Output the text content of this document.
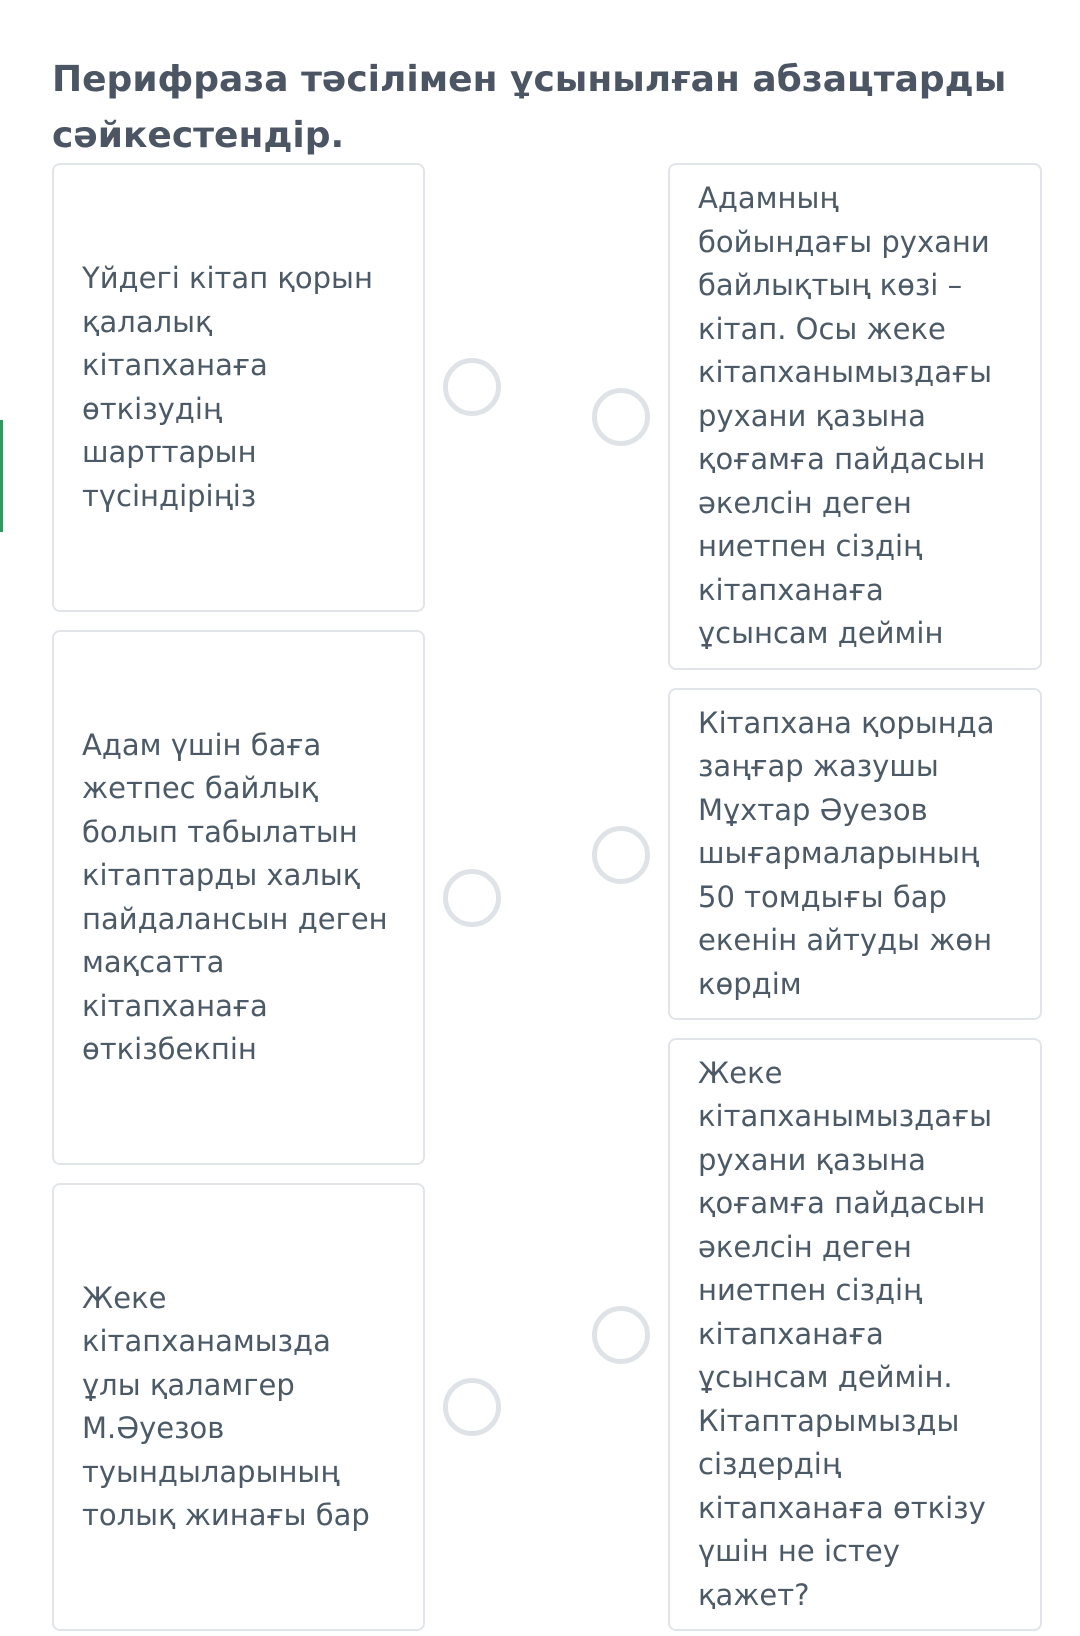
Перифраза тәсілімен ұсынылған абзацтарды сәйкестендір.
Үйдегі кітап қорын қалалық кітапханаға өткізудің шарттарын түсіндіріңіз
Адам үшін баға жетпес байлық болып табылатын кітаптарды халық пайдалансын деген мақсатта кітапханаға өткізбекпін
Жеке кітапханамызда ұлы қаламгер М.Әуезов туындыларының толық жинағы бар
Адамның бойындағы рухани байлықтың көзі – кітап. Осы жеке кітапханымыздағы рухани қазына қоғамға пайдасын әкелсін деген ниетпен сіздің кітапханаға ұсынсам деймін
Кітапхана қорында заңғар жазушы Мұхтар Әуезов шығармаларының 50 томдығы бар екенін айтуды жөн көрдім
Жеке кітапханымыздағы рухани қазына қоғамға пайдасын әкелсін деген ниетпен сіздің кітапханаға ұсынсам деймін. Кітаптарымызды сіздердің кітапханаға өткізу үшін не істеу қажет?
